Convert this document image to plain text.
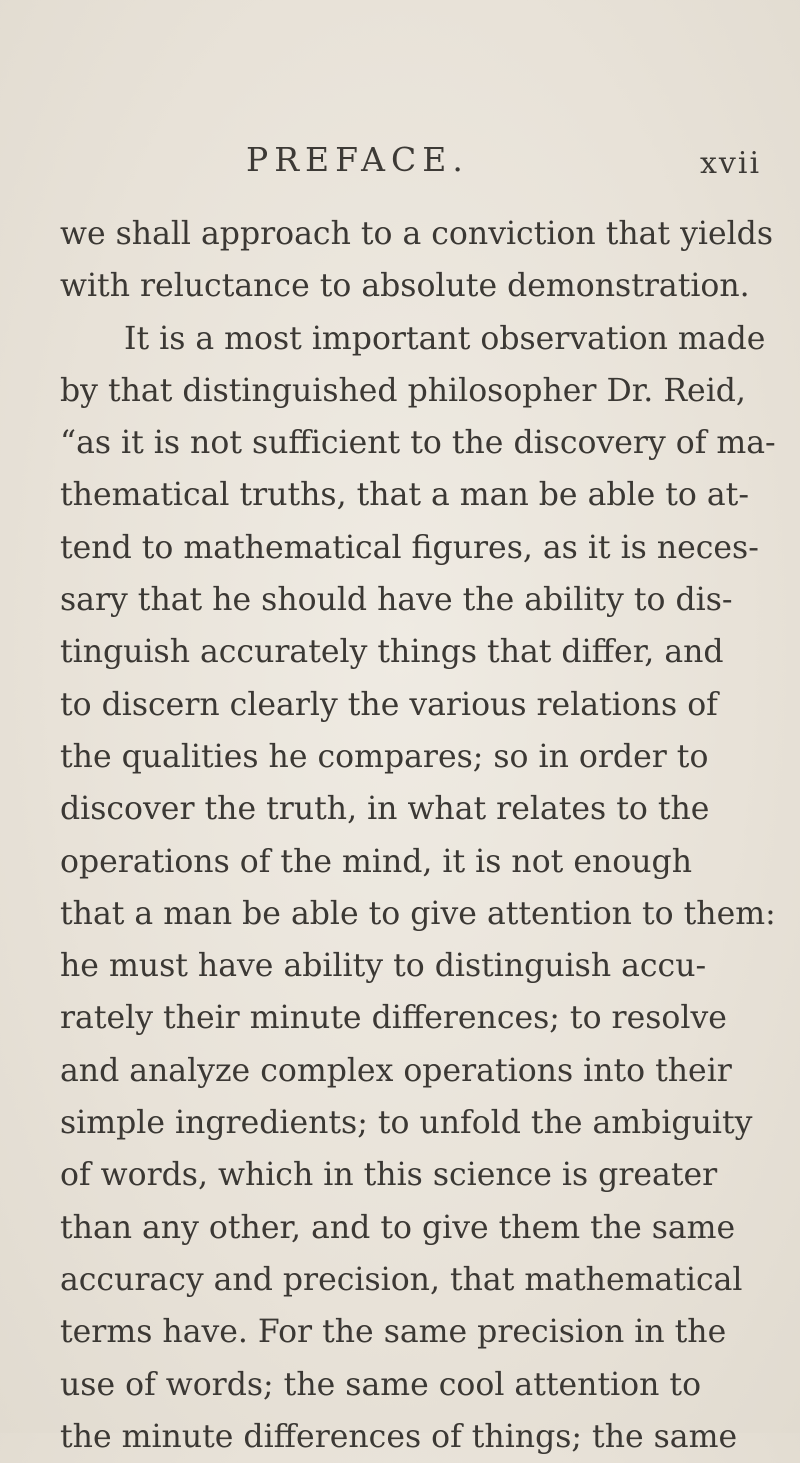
PREFACE.	xvii
we shall approach to a conviction that yields
with reluctance to absolute demonstration.
It is a most important observation made
by that distinguished philosopher Dr. Reid,
“as it is not sufficient to the discovery of ma-
thematical truths, that a man be able to at-
tend to mathematical figures, as it is neces-
sary that he should have the ability to dis-
tinguish accurately things that differ, and
to discern clearly the various relations of
the qualities he compares; so in order to
discover the truth, in what relates to the
operations of the mind, it is not enough
that a man be able to give attention to them:
he must have ability to distinguish accu-
rately their minute differences; to resolve
and analyze complex operations into their
simple ingredients; to unfold the ambiguity
of words, which in this science is greater
than any other, and to give them the same
accuracy and precision, that mathematical
terms have. For the same precision in the
use of words; the same cool attention to
the minute differences of things; the same
